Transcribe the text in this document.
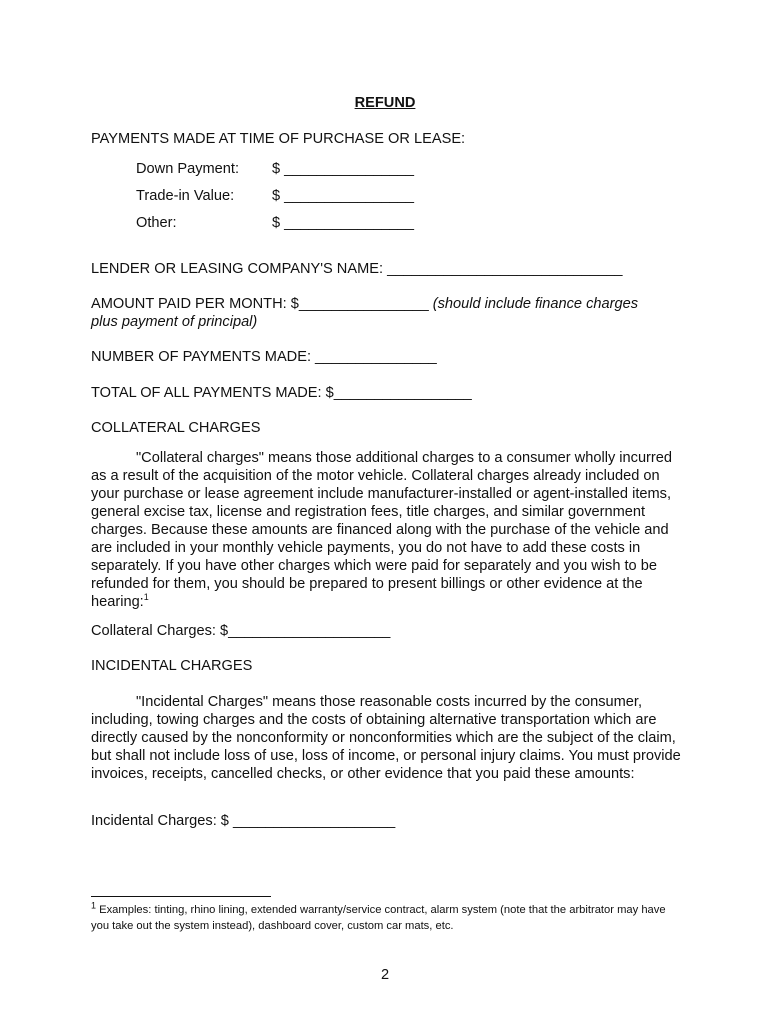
REFUND
PAYMENTS MADE AT TIME OF PURCHASE OR LEASE:
Down Payment: $ ________________
Trade-in Value:	$ ________________
Other:	$ ________________
LENDER OR LEASING COMPANY'S NAME: _____________________________
AMOUNT PAID PER MONTH: $________________ (should include finance charges
plus payment of principal)
NUMBER OF PAYMENTS MADE: _______________
TOTAL OF ALL PAYMENTS MADE: $_________________
COLLATERAL CHARGES
"Collateral charges" means those additional charges to a consumer wholly incurred as a result of the acquisition of the motor vehicle. Collateral charges already included on your purchase or lease agreement include manufacturer-installed or agent-installed items, general excise tax, license and registration fees, title charges, and similar government charges. Because these amounts are financed along with the purchase of the vehicle and are included in your monthly vehicle payments, you do not have to add these costs in separately. If you have other charges which were paid for separately and you wish to be refunded for them, you should be prepared to present billings or other evidence at the hearing:$^1$
Collateral Charges: $____________________
INCIDENTAL CHARGES
"Incidental Charges" means those reasonable costs incurred by the consumer, including, towing charges and the costs of obtaining alternative transportation which are directly caused by the nonconformity or nonconformities which are the subject of the claim, but shall not include loss of use, loss of income, or personal injury claims. You must provide invoices, receipts, cancelled checks, or other evidence that you paid these amounts:
Incidental Charges: $ ____________________
$^1$ Examples: tinting, rhino lining, extended warranty/service contract, alarm system (note that the arbitrator may have you take out the system instead), dashboard cover, custom car mats, etc.
2
